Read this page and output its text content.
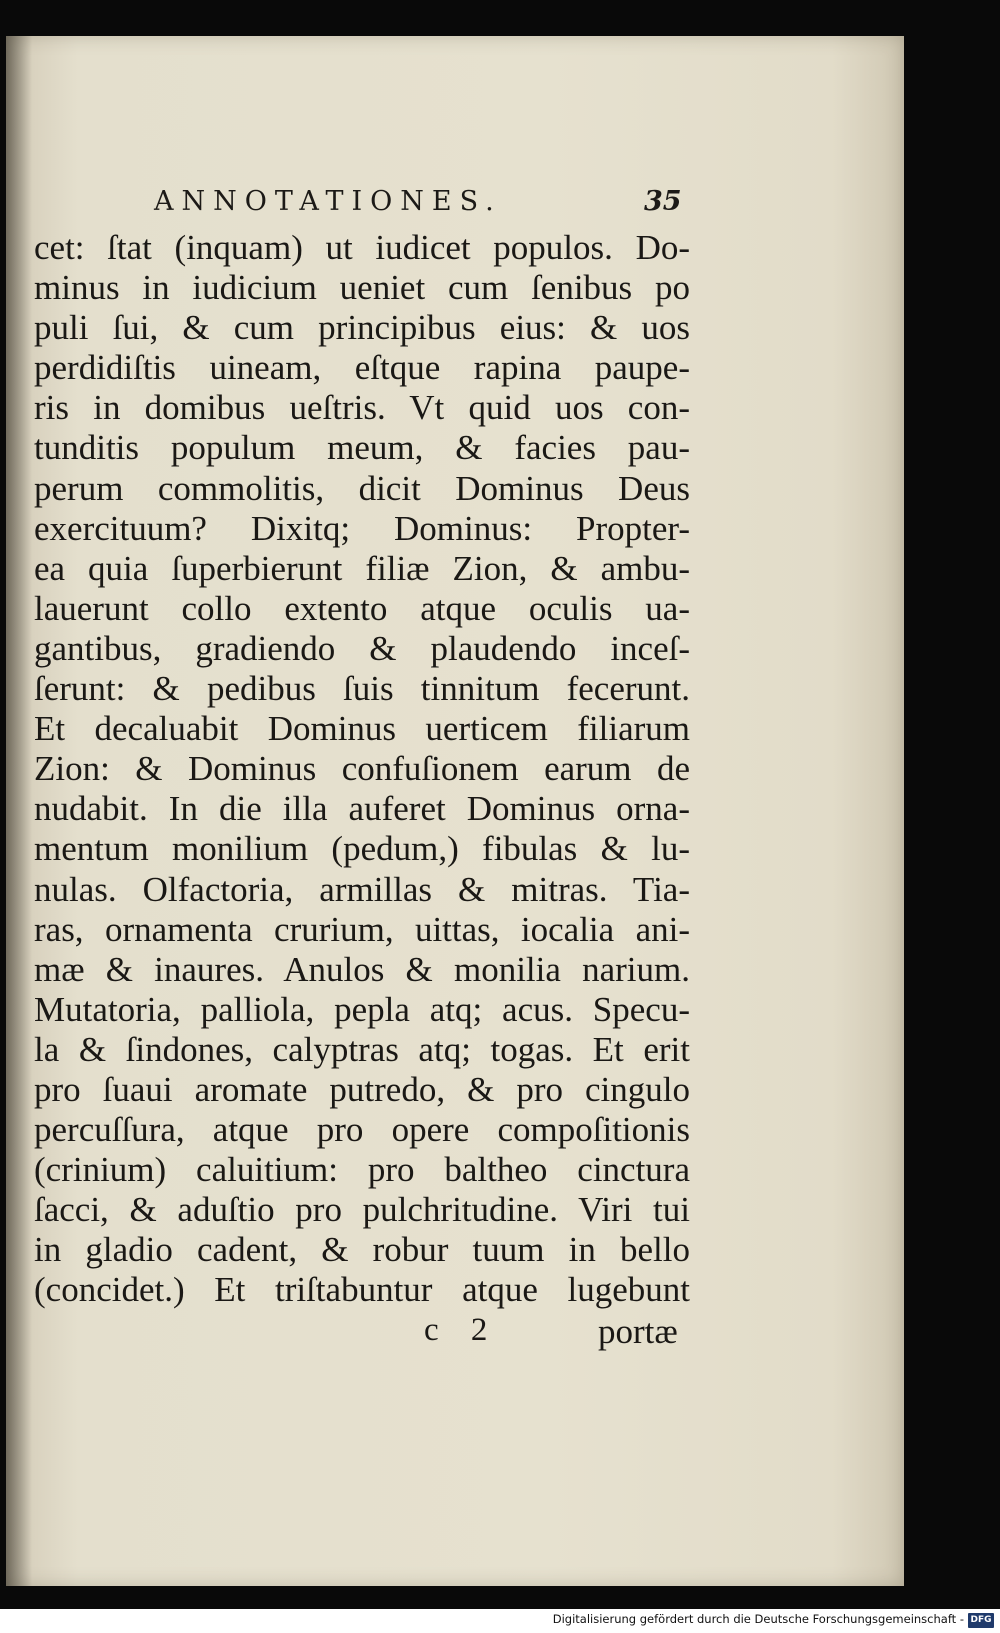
ANNOTATIONES.	35
cet: ſtat (inquam) ut iudicet populos. Do-
minus in iudicium ueniet cum ſenibus po
puli ſui, & cum principibus eius: & uos
perdidiſtis uineam, eſtque rapina paupe-
ris in domibus ueſtris. Vt quid uos con-
tunditis populum meum, & facies pau-
perum commolitis, dicit Dominus Deus
exercituum? Dixitq; Dominus: Propter-
ea quia ſuperbierunt filiæ Zion, & ambu-
lauerunt collo extento atque oculis ua-
gantibus, gradiendo & plaudendo inceſ-
ſerunt: & pedibus ſuis tinnitum fecerunt.
Et decaluabit Dominus uerticem filiarum
Zion: & Dominus confuſionem earum de
nudabit. In die illa auferet Dominus orna-
mentum monilium (pedum,) fibulas & lu-
nulas. Olfactoria, armillas & mitras. Tia-
ras, ornamenta crurium, uittas, iocalia ani-
mæ & inaures. Anulos & monilia narium.
Mutatoria, palliola, pepla atq; acus. Specu-
la & ſindones, calyptras atq; togas. Et erit
pro ſuaui aromate putredo, & pro cingulo
percuſſura, atque pro opere compoſitionis
(crinium) caluitium: pro baltheo cinctura
ſacci, & aduſtio pro pulchritudine. Viri tui
in gladio cadent, & robur tuum in bello
(concidet.) Et triſtabuntur atque lugebunt
c 2	portæ
Digitalisierung gefördert durch die Deutsche Forschungsgemeinschaft - DFG
